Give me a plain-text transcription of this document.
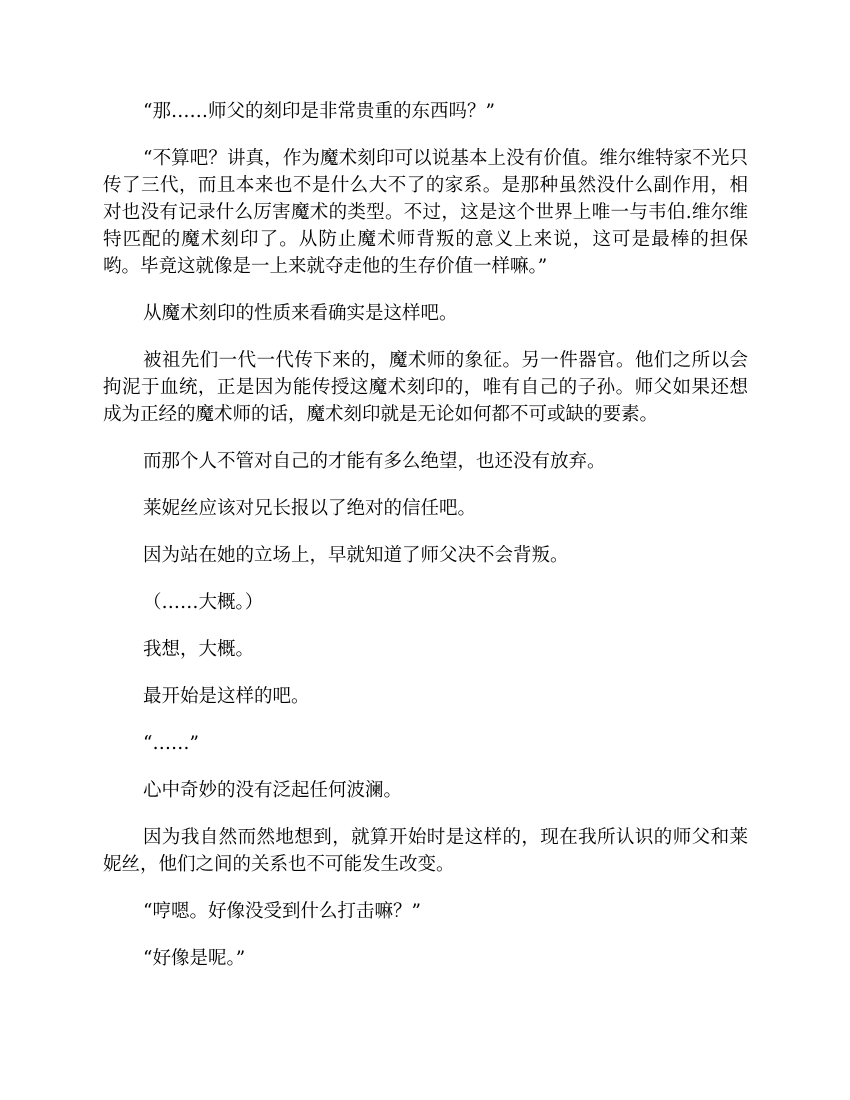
“那……师父的刻印是非常贵重的东西吗？”

“不算吧？讲真，作为魔术刻印可以说基本上没有价值。维尔维特家不光只传了三代，而且本来也不是什么大不了的家系。是那种虽然没什么副作用，相对也没有记录什么厉害魔术的类型。不过，这是这个世界上唯一与韦伯.维尔维特匹配的魔术刻印了。从防止魔术师背叛的意义上来说，这可是最棒的担保哟。毕竟这就像是一上来就夺走他的生存价值一样嘛。”

从魔术刻印的性质来看确实是这样吧。

被祖先们一代一代传下来的，魔术师的象征。另一件器官。他们之所以会拘泥于血统，正是因为能传授这魔术刻印的，唯有自己的子孙。师父如果还想成为正经的魔术师的话，魔术刻印就是无论如何都不可或缺的要素。

而那个人不管对自己的才能有多么绝望，也还没有放弃。

莱妮丝应该对兄长报以了绝对的信任吧。

因为站在她的立场上，早就知道了师父决不会背叛。

（……大概。）

我想，大概。

最开始是这样的吧。

“……”

心中奇妙的没有泛起任何波澜。

因为我自然而然地想到，就算开始时是这样的，现在我所认识的师父和莱妮丝，他们之间的关系也不可能发生改变。

“哼嗯。好像没受到什么打击嘛？”

“好像是呢。”
